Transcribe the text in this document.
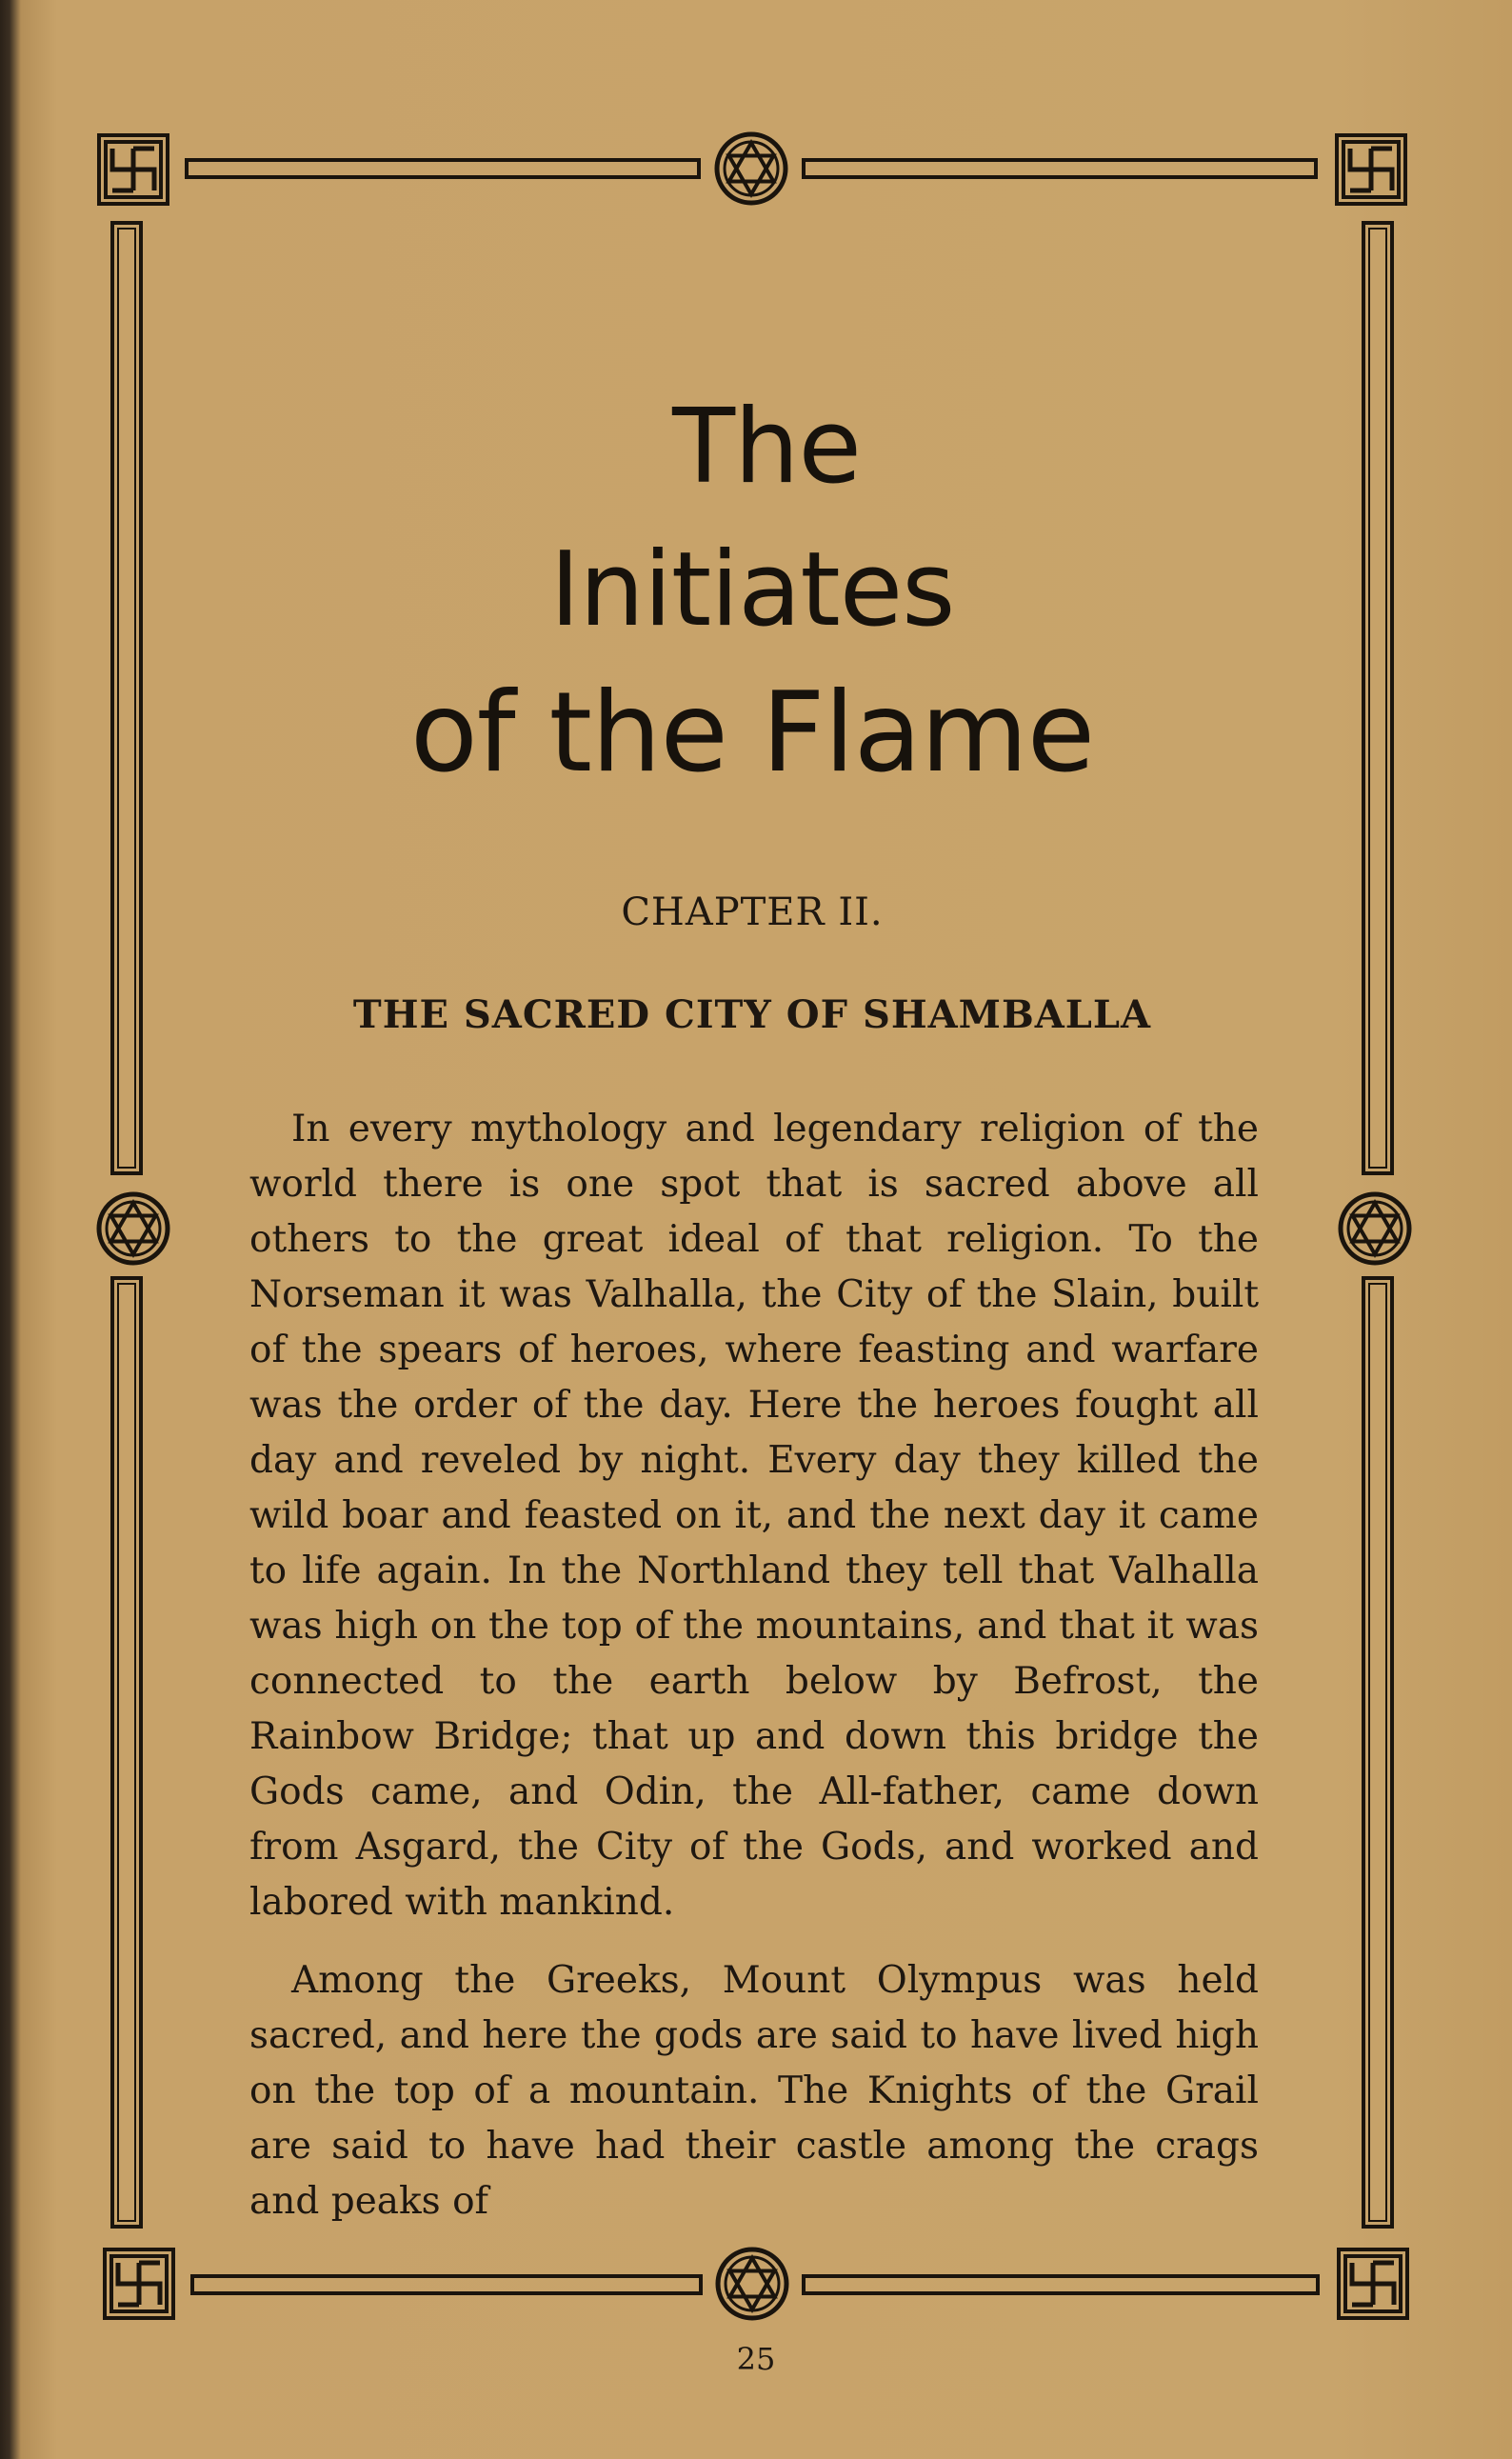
The
Initiates
of the Flame
CHAPTER II.
THE SACRED CITY OF SHAMBALLA

In every mythology and legendary religion of the world there is one spot that is sacred above all others to the great ideal of that religion. To the Norseman it was Valhalla, the City of the Slain, built of the spears of heroes, where feasting and warfare was the order of the day. Here the heroes fought all day and reveled by night. Every day they killed the wild boar and feasted on it, and the next day it came to life again. In the Northland they tell that Valhalla was high on the top of the mountains, and that it was connected to the earth below by Befrost, the Rainbow Bridge; that up and down this bridge the Gods came, and Odin, the All-father, came down from Asgard, the City of the Gods, and worked and labored with mankind.

Among the Greeks, Mount Olympus was held sacred, and here the gods are said to have lived high on the top of a mountain. The Knights of the Grail are said to have had their castle among the crags and peaks of

25
